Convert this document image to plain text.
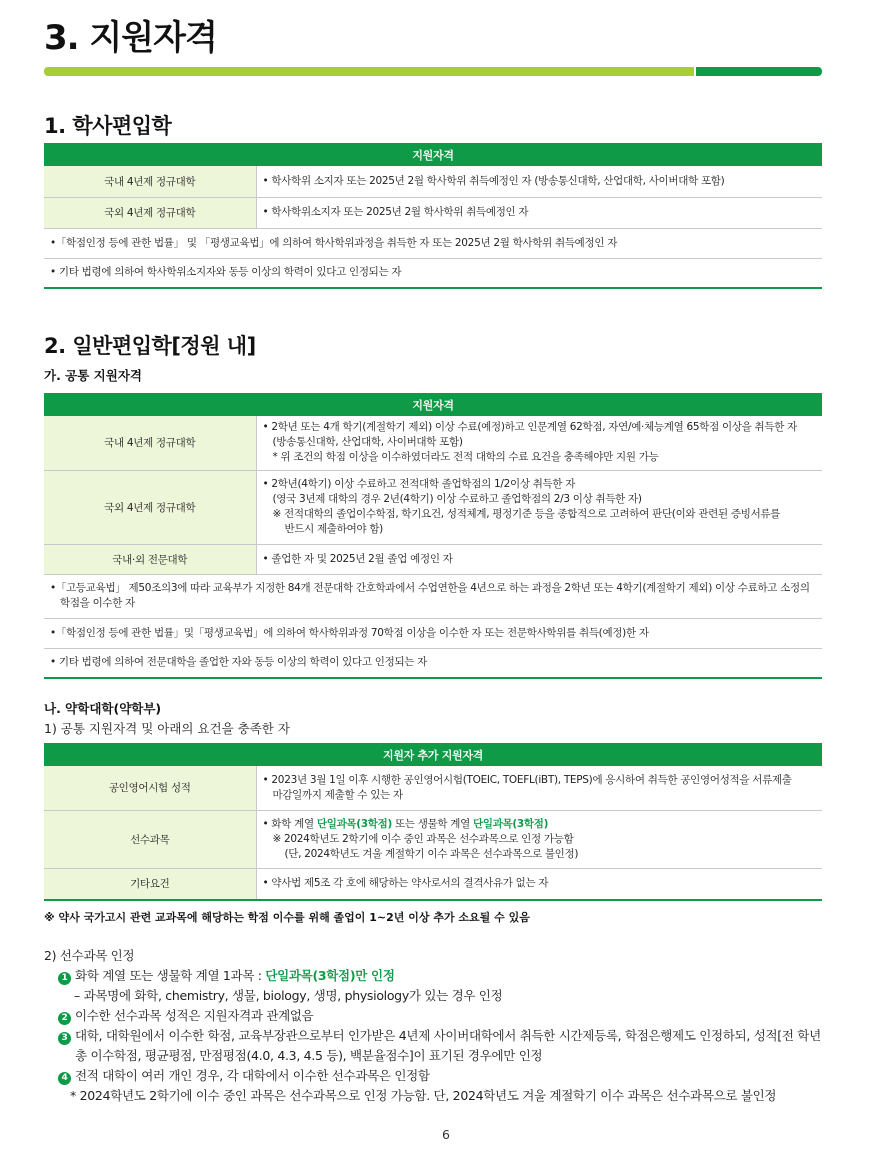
3. 지원자격
1. 학사편입학
지원자격	
국내 4년제 정규대학	• 학사학위 소지자 또는 2025년 2월 학사학위 취득예정인 자 (방송통신대학, 산업대학, 사이버대학 포함)
국외 4년제 정규대학	• 학사학위소지자 또는 2025년 2월 학사학위 취득예정인 자
•「학점인정 등에 관한 법률」 및 「평생교육법」에 의하여 학사학위과정을 취득한 자 또는 2025년 2월 학사학위 취득예정인 자	
• 기타 법령에 의하여 학사학위소지자와 동등 이상의 학력이 있다고 인정되는 자	
2. 일반편입학[정원 내]
가. 공통 지원자격
지원자격	
국내 4년제 정규대학	• 2학년 또는 4개 학기(계절학기 제외) 이상 수료(예정)하고 인문계열 62학점, 자연/예·체능계열 65학점 이상을 취득한 자
(방송통신대학, 산업대학, 사이버대학 포함)
* 위 조건의 학점 이상을 이수하였더라도 전적 대학의 수료 요건을 충족해야만 지원 가능

국외 4년제 정규대학	• 2학년(4학기) 이상 수료하고 전적대학 졸업학점의 1/2이상 취득한 자
(영국 3년제 대학의 경우 2년(4학기) 이상 수료하고 졸업학점의 2/3 이상 취득한 자)
※ 전적대학의 졸업이수학점, 학기요건, 성적체계, 평정기준 등을 종합적으로 고려하여 판단(이와 관련된 증빙서류를
반드시 제출하여야 함)

국내·외 전문대학	• 졸업한 자 및 2025년 2월 졸업 예정인 자

•「고등교육법」 제50조의3에 따라 교육부가 지정한 84개 전문대학 간호학과에서 수업연한을 4년으로 하는 과정을 2학년 또는 4학기(계절학기 제외) 이상 수료하고 소정의
학점을 이수한 자	

•「학점인정 등에 관한 법률」및「평생교육법」에 의하여 학사학위과정 70학점 이상을 이수한 자 또는 전문학사학위를 취득(예정)한 자	
• 기타 법령에 의하여 전문대학을 졸업한 자와 동등 이상의 학력이 있다고 인정되는 자	
나. 약학대학(약학부)
1) 공통 지원자격 및 아래의 요건을 충족한 자
지원자 추가 지원자격	
공인영어시험 성적	• 2023년 3월 1일 이후 시행한 공인영어시험(TOEIC, TOEFL(iBT), TEPS)에 응시하여 취득한 공인영어성적을 서류제출
마감일까지 제출할 수 있는 자

선수과목	• 화학 계열 단일과목(3학점) 또는 생물학 계열 단일과목(3학점)
※ 2024학년도 2학기에 이수 중인 과목은 선수과목으로 인정 가능함
(단, 2024학년도 겨울 계절학기 이수 과목은 선수과목으로 불인정)

기타요건	• 약사법 제5조 각 호에 해당하는 약사로서의 결격사유가 없는 자
※ 약사 국가고시 관련 교과목에 해당하는 학점 이수를 위해 졸업이 1~2년 이상 추가 소요될 수 있음
2) 선수과목 인정
1 화학 계열 또는 생물학 계열 1과목 : 단일과목(3학점)만 인정
– 과목명에 화학, chemistry, 생물, biology, 생명, physiology가 있는 경우 인정
2 이수한 선수과목 성적은 지원자격과 관계없음
3 대학, 대학원에서 이수한 학점, 교육부장관으로부터 인가받은 4년제 사이버대학에서 취득한 시간제등록, 학점은행제도 인정하되, 성적[전 학년
총 이수학점, 평균평점, 만점평점(4.0, 4.3, 4.5 등), 백분율점수]이 표기된 경우에만 인정
4 전적 대학이 여러 개인 경우, 각 대학에서 이수한 선수과목은 인정함
* 2024학년도 2학기에 이수 중인 과목은 선수과목으로 인정 가능함. 단, 2024학년도 겨울 계절학기 이수 과목은 선수과목으로 불인정
6
